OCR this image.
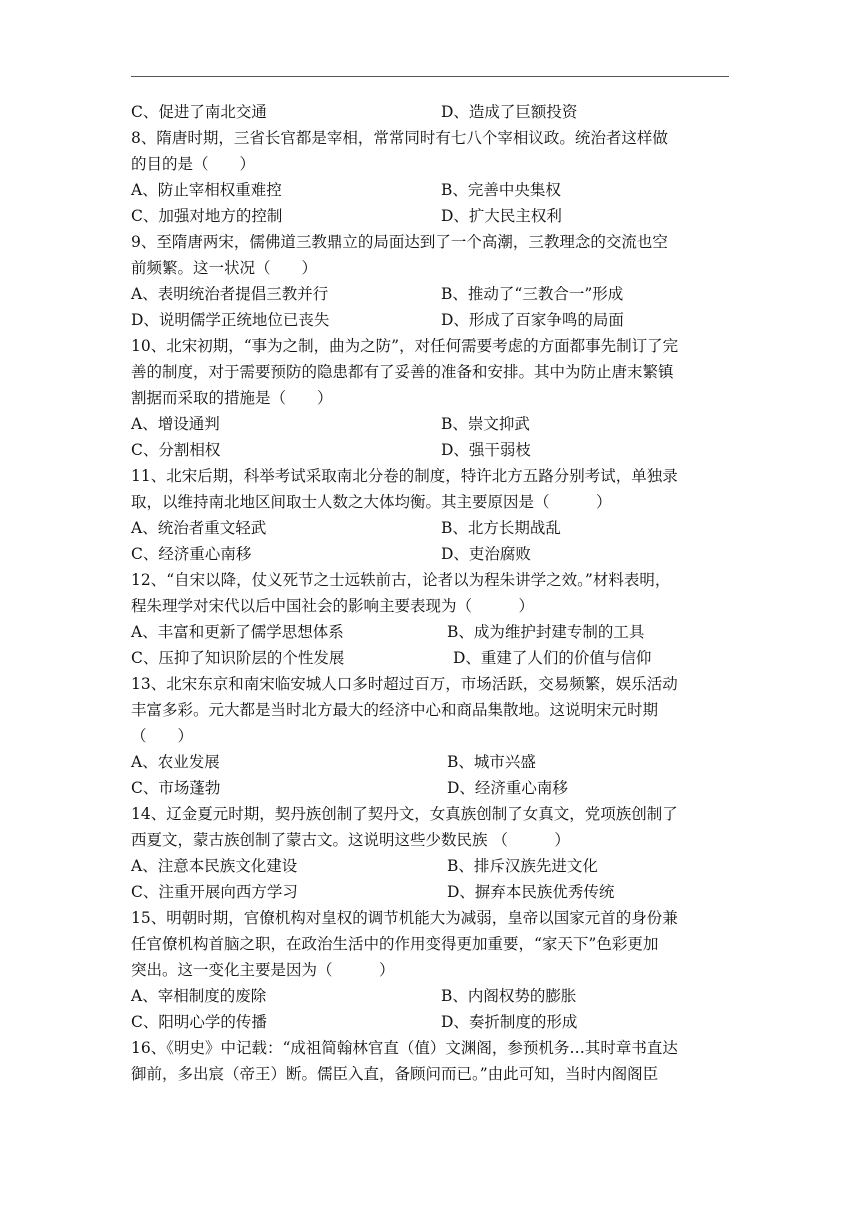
C、促进了南北交通	D、造成了巨额投资
8、隋唐时期，三省长官都是宰相，常常同时有七八个宰相议政。统治者这样做
的目的是（　　）
A、防止宰相权重难控	B、完善中央集权
C、加强对地方的控制	D、扩大民主权利
9、至隋唐两宋，儒佛道三教鼎立的局面达到了一个高潮，三教理念的交流也空
前频繁。这一状况（　　）
A、表明统治者提倡三教并行	B、推动了“三教合一”形成
D、说明儒学正统地位已丧失	D、形成了百家争鸣的局面
10、北宋初期，“事为之制，曲为之防”，对任何需要考虑的方面都事先制订了完
善的制度，对于需要预防的隐患都有了妥善的准备和安排。其中为防止唐末繁镇
割据而采取的措施是（　　）
A、增设通判	B、崇文抑武
C、分割相权	D、强干弱枝
11、北宋后期，科举考试采取南北分卷的制度，特许北方五路分别考试，单独录
取，以维持南北地区间取士人数之大体均衡。其主要原因是（　　　）
A、统治者重文轻武	B、北方长期战乱
C、经济重心南移	D、吏治腐败
12、“自宋以降，仗义死节之士远轶前古，论者以为程朱讲学之效。”材料表明，
程朱理学对宋代以后中国社会的影响主要表现为（　　　）
A、丰富和更新了儒学思想体系	B、成为维护封建专制的工具
C、压抑了知识阶层的个性发展	D、重建了人们的价值与信仰
13、北宋东京和南宋临安城人口多时超过百万，市场活跃，交易频繁，娱乐活动
丰富多彩。元大都是当时北方最大的经济中心和商品集散地。这说明宋元时期
（　　）
A、农业发展	B、城市兴盛
C、市场蓬勃	D、经济重心南移
14、辽金夏元时期，契丹族创制了契丹文，女真族创制了女真文，党项族创制了
西夏文，蒙古族创制了蒙古文。这说明这些少数民族 （　　　）
A、注意本民族文化建设	B、排斥汉族先进文化
C、注重开展向西方学习	D、摒弃本民族优秀传统
15、明朝时期，官僚机构对皇权的调节机能大为减弱，皇帝以国家元首的身份兼
任官僚机构首脑之职，在政治生活中的作用变得更加重要，“家天下”色彩更加
突出。这一变化主要是因为（　　　）
A、宰相制度的废除	B、内阁权势的膨胀
C、阳明心学的传播	D、奏折制度的形成
16、《明史》中记载：“成祖简翰林官直（值）文渊阁，参预机务…其时章书直达
御前，多出宸（帝王）断。儒臣入直，备顾问而已。”由此可知，当时内阁阁臣
